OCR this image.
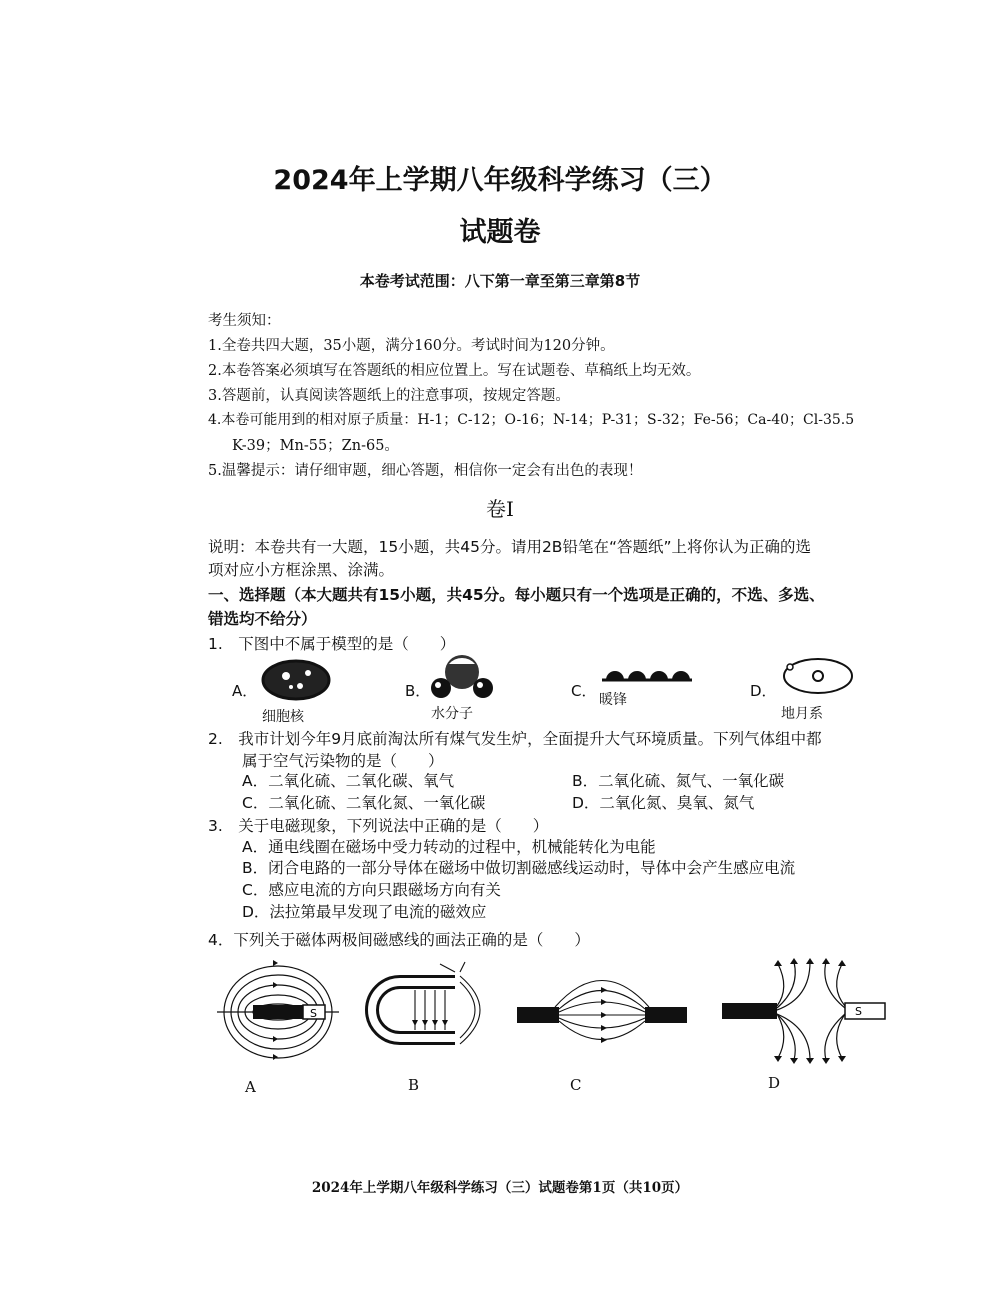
2024年上学期八年级科学练习（三）
试题卷
本卷考试范围：八下第一章至第三章第8节
考生须知：
1.全卷共四大题，35小题，满分160分。考试时间为120分钟。
2.本卷答案必须填写在答题纸的相应位置上。写在试题卷、草稿纸上均无效。
3.答题前，认真阅读答题纸上的注意事项，按规定答题。
4.本卷可能用到的相对原子质量：H-1；C-12；O-16；N-14；P-31；S-32；Fe-56；Ca-40；Cl-35.5
K-39；Mn-55；Zn-65。
5.温馨提示：请仔细审题，细心答题，相信你一定会有出色的表现！
卷Ⅰ
说明：本卷共有一大题，15小题，共45分。请用2B铅笔在“答题纸”上将你认为正确的选
项对应小方框涂黑、涂满。
一、选择题（本大题共有15小题，共45分。每小题只有一个选项是正确的，不选、多选、
错选均不给分）
1.　下图中不属于模型的是（　　）
A．	B．	C．	D．
细胞核	水分子
暖锋
地月系
2.　我市计划今年9月底前淘汰所有煤气发生炉，全面提升大气环境质量。下列气体组中都
属于空气污染物的是（　　）
A．二氧化硫、二氧化碳、氧气	B．二氧化硫、氮气、一氧化碳
C．二氧化硫、二氧化氮、一氧化碳	D．二氧化氮、臭氧、氮气
3.　关于电磁现象，下列说法中正确的是（　　）
A．通电线圈在磁场中受力转动的过程中，机械能转化为电能
B．闭合电路的一部分导体在磁场中做切割磁感线运动时，导体中会产生感应电流
C．感应电流的方向只跟磁场方向有关
D．法拉第最早发现了电流的磁效应
4．下列关于磁体两极间磁感线的画法正确的是（　　）
S	S
A	B	C	D
2024年上学期八年级科学练习（三）试题卷第1页（共10页）
